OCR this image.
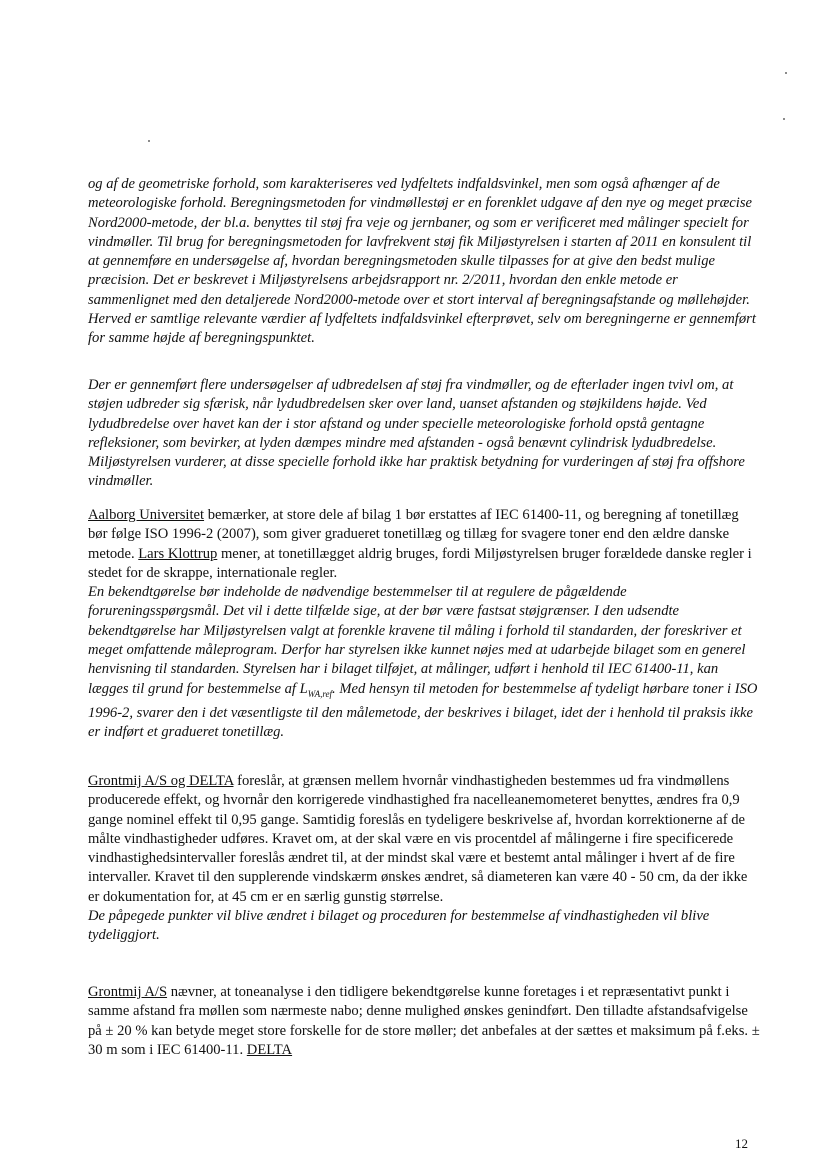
og af de geometriske forhold, som karakteriseres ved lydfeltets indfaldsvinkel, men som også afhænger af de meteorologiske forhold. Beregningsmetoden for vindmøllestøj er en forenklet udgave af den nye og meget præcise Nord2000-metode, der bl.a. benyttes til støj fra veje og jernbaner, og som er verificeret med målinger specielt for vindmøller. Til brug for beregningsmetoden for lavfrekvent støj fik Miljøstyrelsen i starten af 2011 en konsulent til at gennemføre en undersøgelse af, hvordan beregningsmetoden skulle tilpasses for at give den bedst mulige præcision. Det er beskrevet i Miljøstyrelsens arbejdsrapport nr. 2/2011, hvordan den enkle metode er sammenlignet med den detaljerede Nord2000-metode over et stort interval af beregningsafstande og møllehøjder. Herved er samtlige relevante værdier af lydfeltets indfaldsvinkel efterprøvet, selv om beregningerne er gennemført for samme højde af beregningspunktet.

Der er gennemført flere undersøgelser af udbredelsen af støj fra vindmøller, og de efterlader ingen tvivl om, at støjen udbreder sig sfærisk, når lydudbredelsen sker over land, uanset afstanden og støjkildens højde. Ved lydudbredelse over havet kan der i stor afstand og under specielle meteorologiske forhold opstå gentagne refleksioner, som bevirker, at lyden dæmpes mindre med afstanden - også benævnt cylindrisk lydudbredelse. Miljøstyrelsen vurderer, at disse specielle forhold ikke har praktisk betydning for vurderingen af støj fra offshore vindmøller.

Aalborg Universitet bemærker, at store dele af bilag 1 bør erstattes af IEC 61400-11, og beregning af tonetillæg bør følge ISO 1996-2 (2007), som giver gradueret tonetillæg og tillæg for svagere toner end den ældre danske metode. Lars Klottrup mener, at tonetillægget aldrig bruges, fordi Miljøstyrelsen bruger forældede danske regler i stedet for de skrappe, internationale regler.
En bekendtgørelse bør indeholde de nødvendige bestemmelser til at regulere de pågældende forureningsspørgsmål. Det vil i dette tilfælde sige, at der bør være fastsat støjgrænser. I den udsendte bekendtgørelse har Miljøstyrelsen valgt at forenkle kravene til måling i forhold til standarden, der foreskriver et meget omfattende måleprogram. Derfor har styrelsen ikke kunnet nøjes med at udarbejde bilaget som en generel henvisning til standarden. Styrelsen har i bilaget tilføjet, at målinger, udført i henhold til IEC 61400-11, kan lægges til grund for bestemmelse af $L_{WA,ref}$. Med hensyn til metoden for bestemmelse af tydeligt hørbare toner i ISO 1996-2, svarer den i det væsentligste til den målemetode, der beskrives i bilaget, idet der i henhold til praksis ikke er indført et gradueret tonetillæg.
Grontmij A/S og DELTA foreslår, at grænsen mellem hvornår vindhastigheden bestemmes ud fra vindmøllens producerede effekt, og hvornår den korrigerede vindhastighed fra nacelleanemometeret benyttes, ændres fra 0,9 gange nominel effekt til 0,95 gange. Samtidig foreslås en tydeligere beskrivelse af, hvordan korrektionerne af de målte vindhastigheder udføres. Kravet om, at der skal være en vis procentdel af målingerne i fire specificerede vindhastighedsintervaller foreslås ændret til, at der mindst skal være et bestemt antal målinger i hvert af de fire intervaller. Kravet til den supplerende vindskærm ønskes ændret, så diameteren kan være 40 - 50 cm, da der ikke er dokumentation for, at 45 cm er en særlig gunstig størrelse.
De påpegede punkter vil blive ændret i bilaget og proceduren for bestemmelse af vindhastigheden vil blive tydeliggjort.
Grontmij A/S nævner, at toneanalyse i den tidligere bekendtgørelse kunne foretages i et repræsentativt punkt i samme afstand fra møllen som nærmeste nabo; denne mulighed ønskes genindført. Den tilladte afstandsafvigelse på ± 20 % kan betyde meget store forskelle for de store møller; det anbefales at der sættes et maksimum på f.eks. ± 30 m som i IEC 61400-11. DELTA
12
